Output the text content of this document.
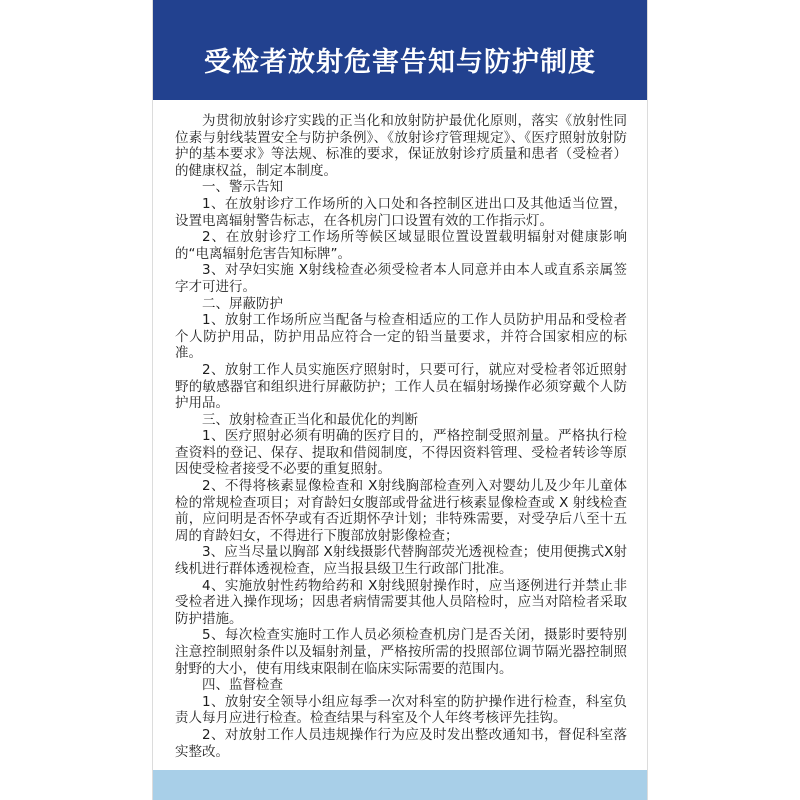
受检者放射危害告知与防护制度

为贯彻放射诊疗实践的正当化和放射防护最优化原则，落实《放射性同位素与射线装置安全与防护条例》、《放射诊疗管理规定》、《医疗照射放射防护的基本要求》等法规、标准的要求，保证放射诊疗质量和患者（受检者）的健康权益，制定本制度。

一、警示告知

1、在放射诊疗工作场所的入口处和各控制区进出口及其他适当位置，设置电离辐射警告标志，在各机房门口设置有效的工作指示灯。

2、在放射诊疗工作场所等候区域显眼位置设置载明辐射对健康影响的“电离辐射危害告知标牌”。

3、对孕妇实施 X射线检查必须受检者本人同意并由本人或直系亲属签字才可进行。

二、屏蔽防护

1、放射工作场所应当配备与检查相适应的工作人员防护用品和受检者个人防护用品，防护用品应符合一定的铅当量要求，并符合国家相应的标准。

2、放射工作人员实施医疗照射时，只要可行，就应对受检者邻近照射野的敏感器官和组织进行屏蔽防护；工作人员在辐射场操作必须穿戴个人防护用品。

三、放射检查正当化和最优化的判断

1、医疗照射必须有明确的医疗目的，严格控制受照剂量。严格执行检查资料的登记、保存、提取和借阅制度，不得因资料管理、受检者转诊等原因使受检者接受不必要的重复照射。

2、不得将核素显像检查和 X射线胸部检查列入对婴幼儿及少年儿童体检的常规检查项目；对育龄妇女腹部或骨盆进行核素显像检查或 X 射线检查前，应问明是否怀孕或有否近期怀孕计划；非特殊需要，对受孕后八至十五周的育龄妇女，不得进行下腹部放射影像检查；

3、应当尽量以胸部 X射线摄影代替胸部荧光透视检查；使用便携式X射线机进行群体透视检查，应当报县级卫生行政部门批准。

4、实施放射性药物给药和 X射线照射操作时，应当逐例进行并禁止非受检者进入操作现场；因患者病情需要其他人员陪检时，应当对陪检者采取防护措施。

5、每次检查实施时工作人员必须检查机房门是否关闭，摄影时要特别注意控制照射条件以及辐射剂量，严格按所需的投照部位调节隔光器控制照射野的大小，使有用线束限制在临床实际需要的范围内。

四、监督检查

1、放射安全领导小组应每季一次对科室的防护操作进行检查，科室负责人每月应进行检查。检查结果与科室及个人年终考核评先挂钩。

2、对放射工作人员违规操作行为应及时发出整改通知书，督促科室落实整改。
